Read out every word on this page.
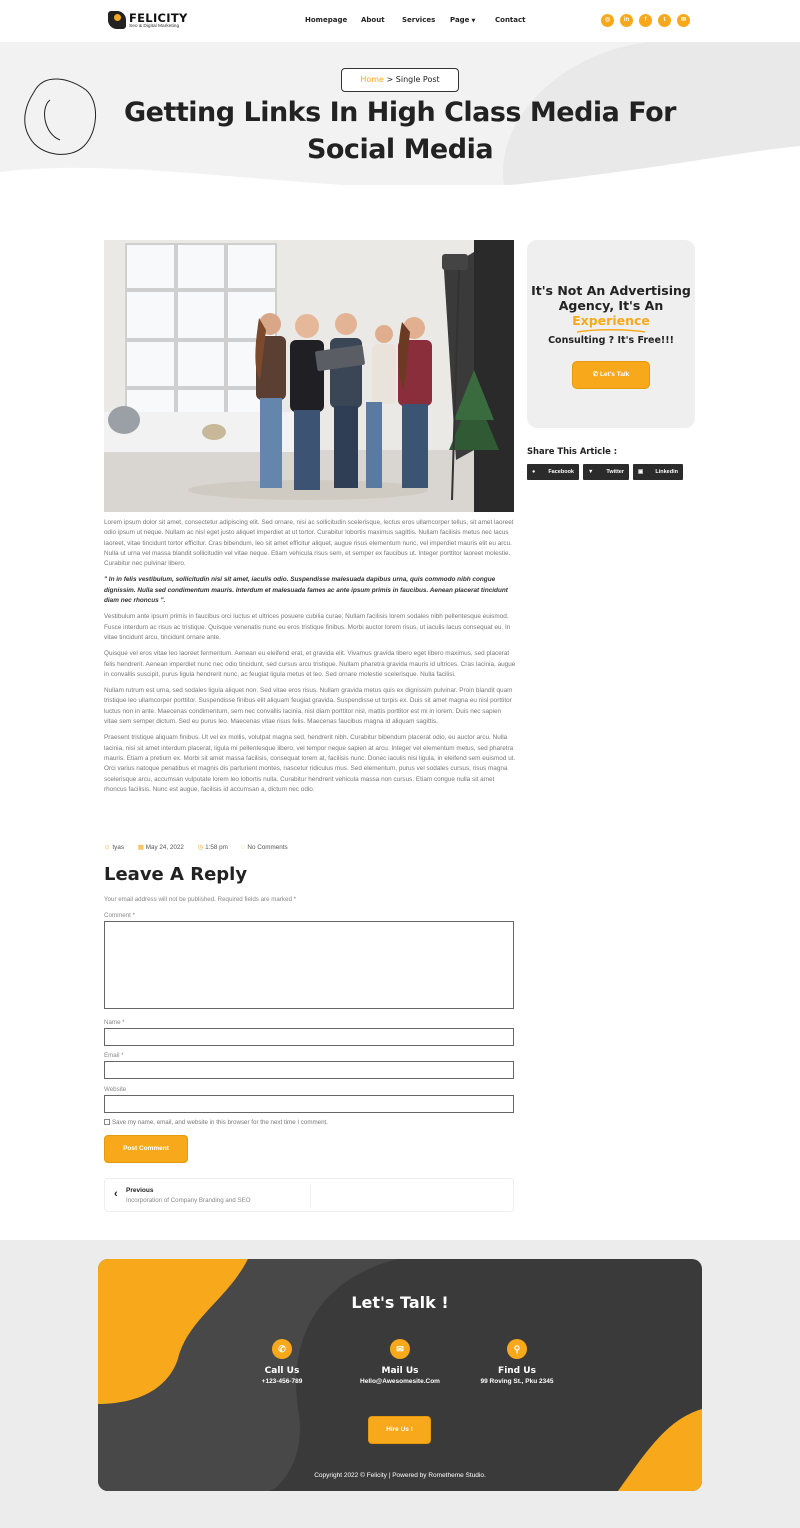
FELICITY
Seo & Digital Marketing
Homepage About Services Page ▼	Contact	◎	in	f	t	✉
Home > Single Post
Getting Links In High Class Media For Social Media

Lorem ipsum dolor sit amet, consectetur adipiscing elit. Sed ornare, nisi ac sollicitudin scelerisque, lectus eros ullamcorper tellus, sit amet laoreet odio ipsum ut neque. Nullam ac nisl eget justo aliquet imperdiet at ut tortor. Curabitur lobortis maximus sagittis. Nullam facilisis metus nec lacus laoreet, vitae tincidunt tortor efficitur. Cras bibendum, leo sit amet efficitur aliquet, augue risus elementum nunc, vel imperdiet mauris elit eu arcu. Nulla ut urna vel massa blandit sollicitudin vel vitae neque. Etiam vehicula risus sem, et semper ex faucibus ut. Integer porttitor laoreet molestie. Curabitur nec pulvinar libero.

" In in felis vestibulum, sollicitudin nisi sit amet, iaculis odio. Suspendisse malesuada dapibus urna, quis commodo nibh congue dignissim. Nulla sed condimentum mauris. Interdum et malesuada fames ac ante ipsum primis in faucibus. Aenean placerat tincidunt diam nec rhoncus ".

Vestibulum ante ipsum primis in faucibus orci luctus et ultrices posuere cubilia curae; Nullam facilisis lorem sodales nibh pellentesque euismod. Fusce interdum ac risus ac tristique. Quisque venenatis nunc eu eros tristique finibus. Morbi auctor lorem risus, ut iaculis lacus consequat eu. In vitae tincidunt arcu, tincidunt ornare ante.

Quisque vel eros vitae leo laoreet fermentum. Aenean eu eleifend erat, et gravida elit. Vivamus gravida libero eget libero maximus, sed placerat felis hendrerit. Aenean imperdiet nunc nec odio tincidunt, sed cursus arcu tristique. Nullam pharetra gravida mauris id ultrices. Cras lacinia, augue in convallis suscipit, purus ligula hendrerit nunc, ac feugiat ligula metus et leo. Sed ornare molestie scelerisque. Nulla facilisi.

Nullam rutrum est urna, sed sodales ligula aliquet non. Sed vitae eros risus. Nullam gravida metus quis ex dignissim pulvinar. Proin blandit quam tristique leo ullamcorper porttitor. Suspendisse finibus elit aliquam feugiat gravida. Suspendisse ut turpis ex. Duis sit amet magna eu nisl porttitor luctus non in ante. Maecenas condimentum, sem nec convallis lacinia, nisl diam porttitor nisl, mattis porttitor est mi in lorem. Duis nec sapien vitae sem semper dictum. Sed eu purus leo. Maecenas vitae risus felis. Maecenas faucibus magna id aliquam sagittis.

Praesent tristique aliquam finibus. Ut vel ex mollis, volutpat magna sed, hendrerit nibh. Curabitur bibendum placerat odio, eu auctor arcu. Nulla lacinia, nisi sit amet interdum placerat, ligula mi pellentesque libero, vel tempor neque sapien at arcu. Integer vel elementum metus, sed pharetra mauris. Etiam a pretium ex. Morbi sit amet massa facilisis, consequat lorem at, facilisis nunc. Donec iaculis nisi ligula, in eleifend sem euismod ut. Orci varius natoque penatibus et magnis dis parturient montes, nascetur ridiculus mus. Sed elementum, purus vel sodales cursus, risus magna scelerisque arcu, accumsan vulputate lorem leo lobortis nulla. Curabitur hendrerit vehicula massa non cursus. Etiam congue nulla sit amet rhoncus facilisis. Nunc est augue, facilisis id accumsan a, dictum nec odio.

☺ tyas ▦ May 24, 2022 ◷ 1:58 pm ◌ No Comments
Leave A Reply
Your email address will not be published. Required fields are marked *
Comment *
Name *
Email *
Website
Save my name, email, and website in this browser for the next time I comment.
Post Comment
‹ Previous
Incorporation of Company Branding and SEO
It's Not An Advertising
Agency, It's An
Experience
Consulting ? It's Free!!!
✆ Let's Talk
Share This Article :
● Facebook	▼ Twitter	▣ Linkedin
Let's Talk !
✆
Call Us
+123-456-789
✉
Mail Us
Hello@Awesomesite.Com
⚲
Find Us
99 Roving St., Pku 2345
Hire Us !
Copyright 2022 © Felicity | Powered by Rometheme Studio.
